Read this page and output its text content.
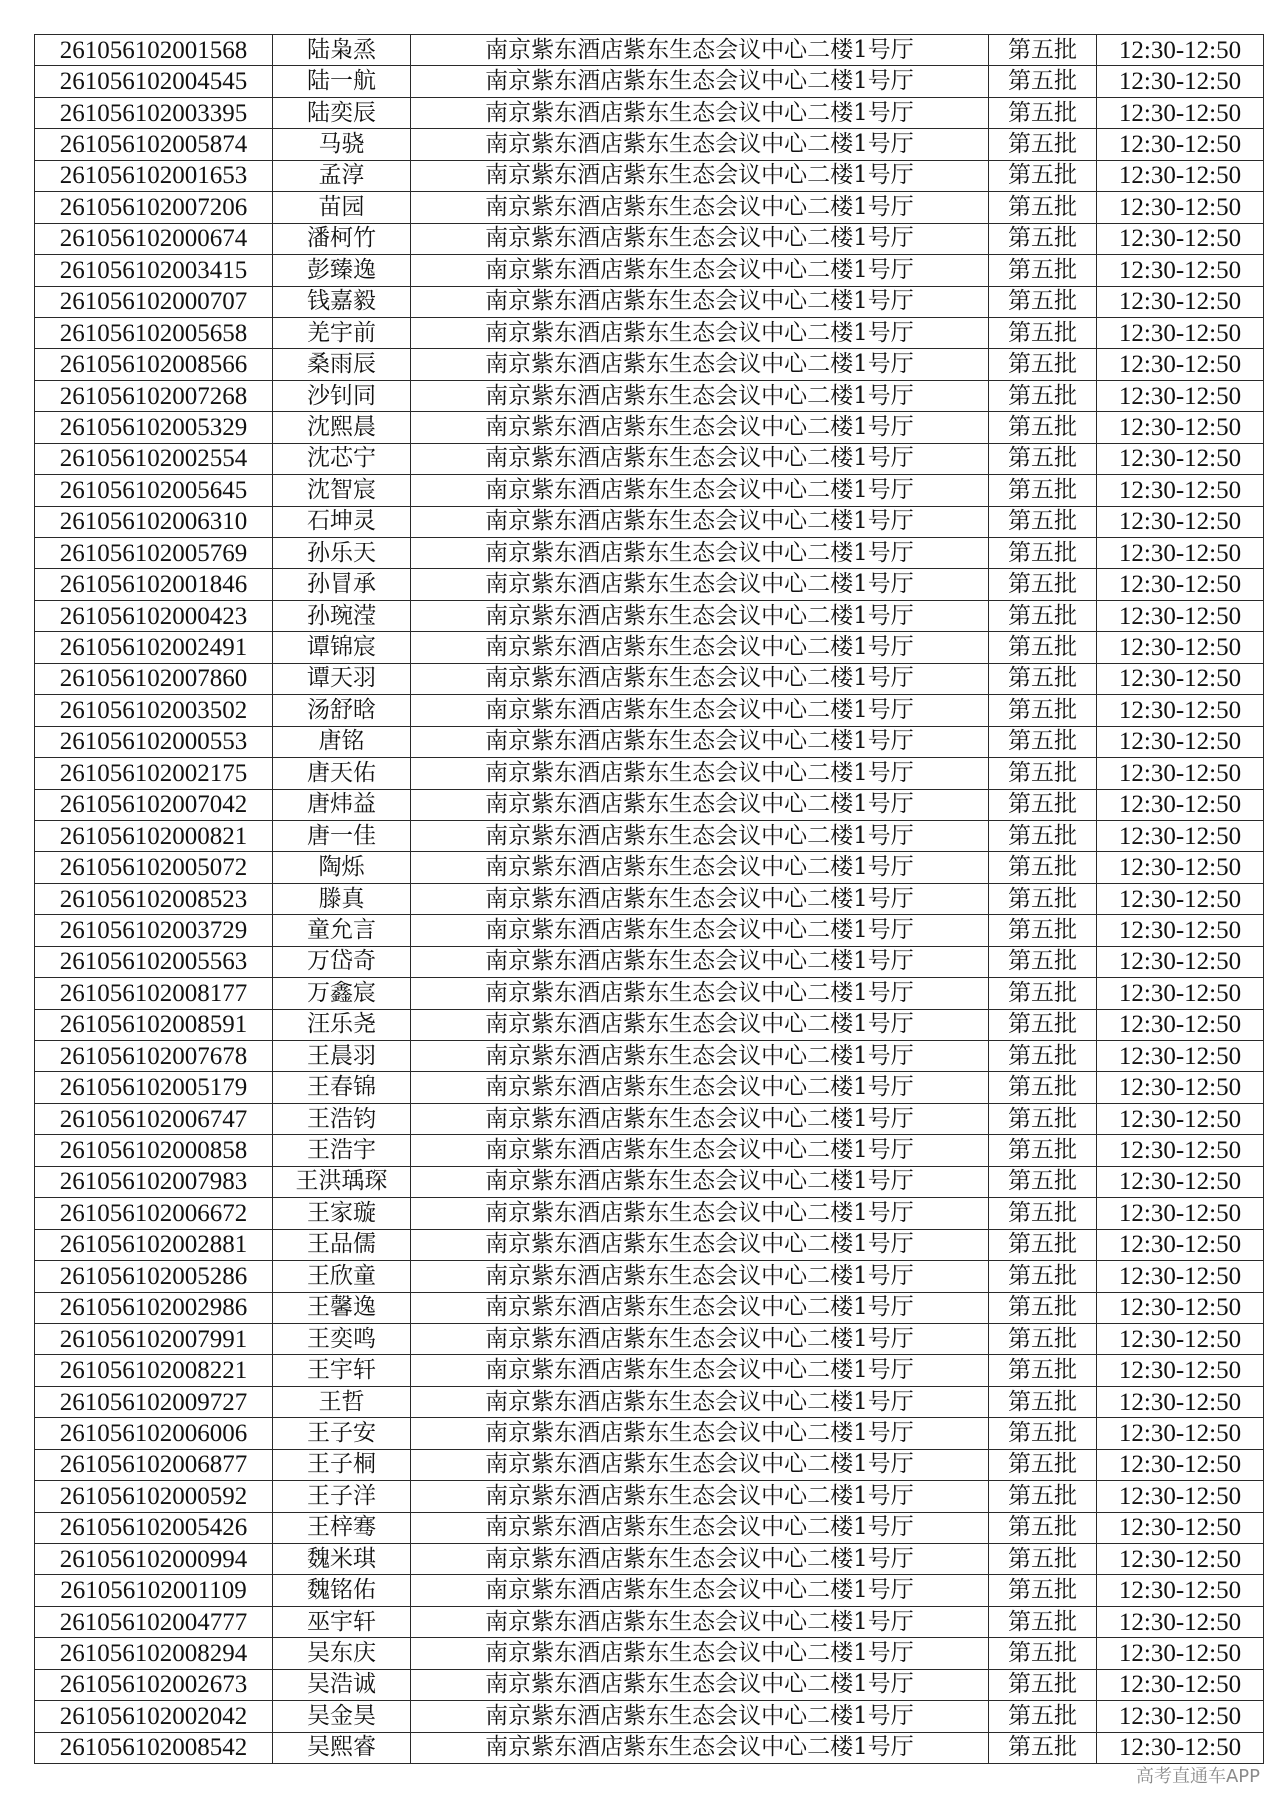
261056102001568	陆枭烝	南京紫东酒店紫东生态会议中心二楼1号厅	第五批	12:30-12:50
261056102004545	陆一航	南京紫东酒店紫东生态会议中心二楼1号厅	第五批	12:30-12:50
261056102003395	陆奕辰	南京紫东酒店紫东生态会议中心二楼1号厅	第五批	12:30-12:50
261056102005874	马骁	南京紫东酒店紫东生态会议中心二楼1号厅	第五批	12:30-12:50
261056102001653	孟淳	南京紫东酒店紫东生态会议中心二楼1号厅	第五批	12:30-12:50
261056102007206	苗园	南京紫东酒店紫东生态会议中心二楼1号厅	第五批	12:30-12:50
261056102000674	潘柯竹	南京紫东酒店紫东生态会议中心二楼1号厅	第五批	12:30-12:50
261056102003415	彭臻逸	南京紫东酒店紫东生态会议中心二楼1号厅	第五批	12:30-12:50
261056102000707	钱嘉毅	南京紫东酒店紫东生态会议中心二楼1号厅	第五批	12:30-12:50
261056102005658	羌宇前	南京紫东酒店紫东生态会议中心二楼1号厅	第五批	12:30-12:50
261056102008566	桑雨辰	南京紫东酒店紫东生态会议中心二楼1号厅	第五批	12:30-12:50
261056102007268	沙钊同	南京紫东酒店紫东生态会议中心二楼1号厅	第五批	12:30-12:50
261056102005329	沈熙晨	南京紫东酒店紫东生态会议中心二楼1号厅	第五批	12:30-12:50
261056102002554	沈芯宁	南京紫东酒店紫东生态会议中心二楼1号厅	第五批	12:30-12:50
261056102005645	沈智宸	南京紫东酒店紫东生态会议中心二楼1号厅	第五批	12:30-12:50
261056102006310	石坤灵	南京紫东酒店紫东生态会议中心二楼1号厅	第五批	12:30-12:50
261056102005769	孙乐天	南京紫东酒店紫东生态会议中心二楼1号厅	第五批	12:30-12:50
261056102001846	孙冒承	南京紫东酒店紫东生态会议中心二楼1号厅	第五批	12:30-12:50
261056102000423	孙琬滢	南京紫东酒店紫东生态会议中心二楼1号厅	第五批	12:30-12:50
261056102002491	谭锦宸	南京紫东酒店紫东生态会议中心二楼1号厅	第五批	12:30-12:50
261056102007860	谭天羽	南京紫东酒店紫东生态会议中心二楼1号厅	第五批	12:30-12:50
261056102003502	汤舒晗	南京紫东酒店紫东生态会议中心二楼1号厅	第五批	12:30-12:50
261056102000553	唐铭	南京紫东酒店紫东生态会议中心二楼1号厅	第五批	12:30-12:50
261056102002175	唐天佑	南京紫东酒店紫东生态会议中心二楼1号厅	第五批	12:30-12:50
261056102007042	唐炜益	南京紫东酒店紫东生态会议中心二楼1号厅	第五批	12:30-12:50
261056102000821	唐一佳	南京紫东酒店紫东生态会议中心二楼1号厅	第五批	12:30-12:50
261056102005072	陶烁	南京紫东酒店紫东生态会议中心二楼1号厅	第五批	12:30-12:50
261056102008523	滕真	南京紫东酒店紫东生态会议中心二楼1号厅	第五批	12:30-12:50
261056102003729	童允言	南京紫东酒店紫东生态会议中心二楼1号厅	第五批	12:30-12:50
261056102005563	万岱奇	南京紫东酒店紫东生态会议中心二楼1号厅	第五批	12:30-12:50
261056102008177	万鑫宸	南京紫东酒店紫东生态会议中心二楼1号厅	第五批	12:30-12:50
261056102008591	汪乐尧	南京紫东酒店紫东生态会议中心二楼1号厅	第五批	12:30-12:50
261056102007678	王晨羽	南京紫东酒店紫东生态会议中心二楼1号厅	第五批	12:30-12:50
261056102005179	王春锦	南京紫东酒店紫东生态会议中心二楼1号厅	第五批	12:30-12:50
261056102006747	王浩钧	南京紫东酒店紫东生态会议中心二楼1号厅	第五批	12:30-12:50
261056102000858	王浩宇	南京紫东酒店紫东生态会议中心二楼1号厅	第五批	12:30-12:50
261056102007983	王洪瑀琛	南京紫东酒店紫东生态会议中心二楼1号厅	第五批	12:30-12:50
261056102006672	王家璇	南京紫东酒店紫东生态会议中心二楼1号厅	第五批	12:30-12:50
261056102002881	王品儒	南京紫东酒店紫东生态会议中心二楼1号厅	第五批	12:30-12:50
261056102005286	王欣童	南京紫东酒店紫东生态会议中心二楼1号厅	第五批	12:30-12:50
261056102002986	王馨逸	南京紫东酒店紫东生态会议中心二楼1号厅	第五批	12:30-12:50
261056102007991	王奕鸣	南京紫东酒店紫东生态会议中心二楼1号厅	第五批	12:30-12:50
261056102008221	王宇轩	南京紫东酒店紫东生态会议中心二楼1号厅	第五批	12:30-12:50
261056102009727	王哲	南京紫东酒店紫东生态会议中心二楼1号厅	第五批	12:30-12:50
261056102006006	王子安	南京紫东酒店紫东生态会议中心二楼1号厅	第五批	12:30-12:50
261056102006877	王子桐	南京紫东酒店紫东生态会议中心二楼1号厅	第五批	12:30-12:50
261056102000592	王子洋	南京紫东酒店紫东生态会议中心二楼1号厅	第五批	12:30-12:50
261056102005426	王梓骞	南京紫东酒店紫东生态会议中心二楼1号厅	第五批	12:30-12:50
261056102000994	魏米琪	南京紫东酒店紫东生态会议中心二楼1号厅	第五批	12:30-12:50
261056102001109	魏铭佑	南京紫东酒店紫东生态会议中心二楼1号厅	第五批	12:30-12:50
261056102004777	巫宇轩	南京紫东酒店紫东生态会议中心二楼1号厅	第五批	12:30-12:50
261056102008294	吴东庆	南京紫东酒店紫东生态会议中心二楼1号厅	第五批	12:30-12:50
261056102002673	吴浩诚	南京紫东酒店紫东生态会议中心二楼1号厅	第五批	12:30-12:50
261056102002042	吴金昊	南京紫东酒店紫东生态会议中心二楼1号厅	第五批	12:30-12:50
261056102008542	吴熙睿	南京紫东酒店紫东生态会议中心二楼1号厅	第五批	12:30-12:50
高考直通车APP
